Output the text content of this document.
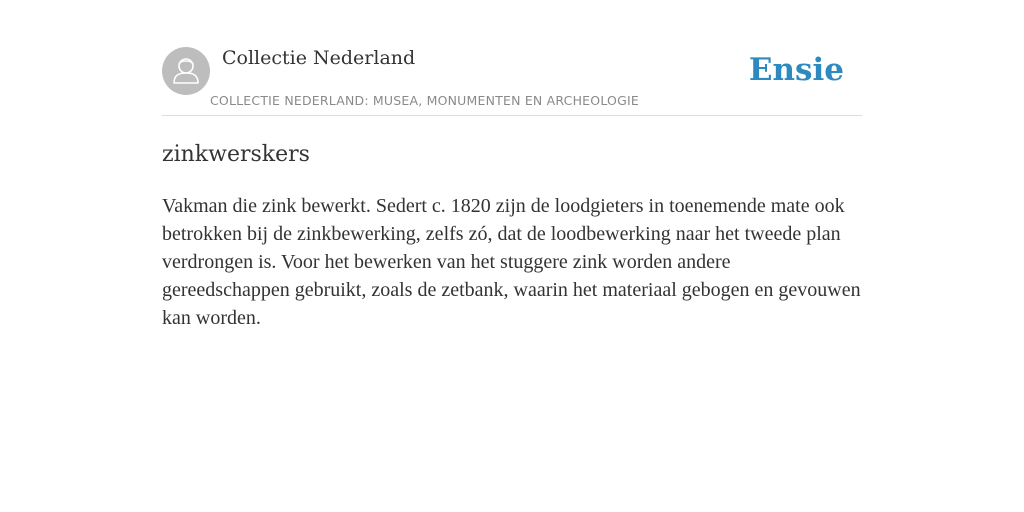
Collectie Nederland
COLLECTIE NEDERLAND: MUSEA, MONUMENTEN EN ARCHEOLOGIE
Ensie
zinkwerskers

Vakman die zink bewerkt. Sedert c. 1820 zijn de loodgieters in toenemende mate ook betrokken bij de zinkbewerking, zelfs zó, dat de loodbewerking naar het tweede plan verdrongen is. Voor het bewerken van het stuggere zink worden andere gereedschappen gebruikt, zoals de zetbank, waarin het materiaal gebogen en gevouwen kan worden.
